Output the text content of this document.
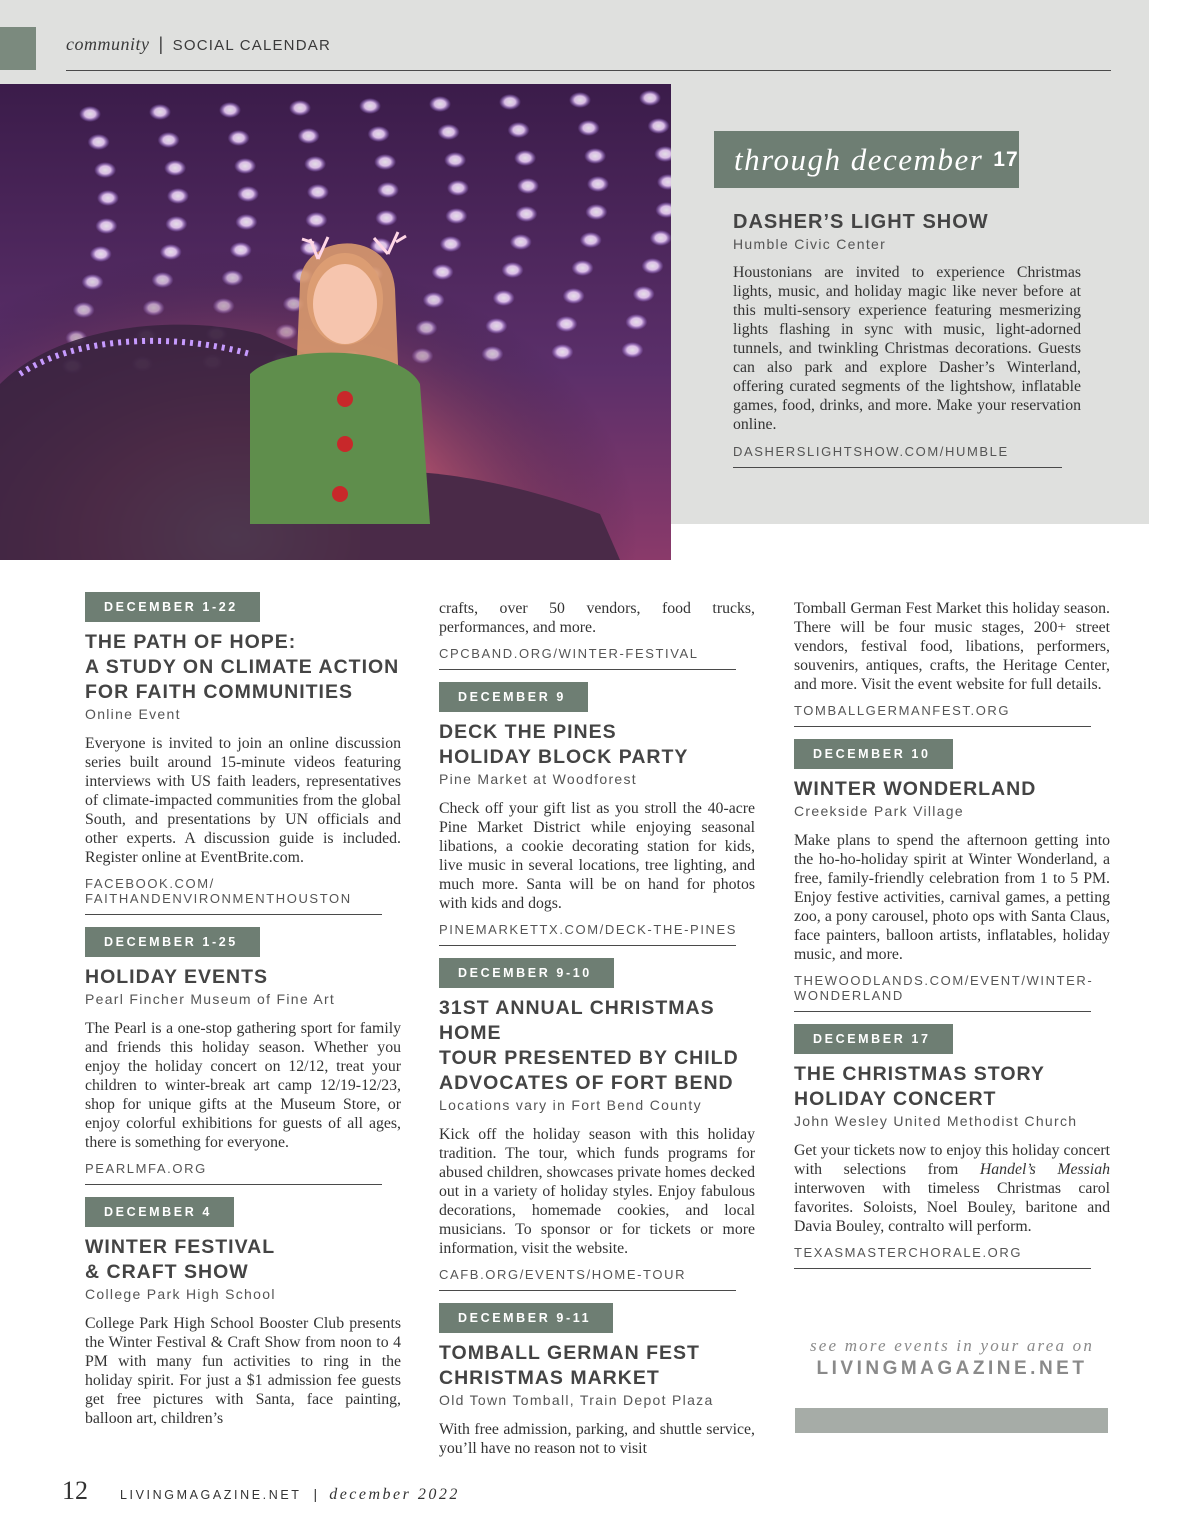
community | SOCIAL CALENDAR
through december 17
DASHER’S LIGHT SHOW
Humble Civic Center
Houstonians are invited to experience Christmas lights, music, and holiday magic like never before at this multi-sensory experience featuring mesmerizing lights flashing in sync with music, light-adorned tunnels, and twinkling Christmas decorations. Guests can also park and explore Dasher’s Winterland, offering curated segments of the lightshow, inflatable games, food, drinks, and more. Make your reservation online.
DASHERSLIGHTSHOW.COM/HUMBLE
DECEMBER 1-22
THE PATH OF HOPE:
A STUDY ON CLIMATE ACTION
FOR FAITH COMMUNITIES
Online Event
Everyone is invited to join an online discussion series built around 15-minute videos featuring interviews with US faith leaders, representatives of climate-impacted communities from the global South, and presentations by UN officials and other experts. A discussion guide is included. Register online at EventBrite.com.
FACEBOOK.COM/
FAITHANDENVIRONMENTHOUSTON
DECEMBER 1-25
HOLIDAY EVENTS
Pearl Fincher Museum of Fine Art
The Pearl is a one-stop gathering sport for family and friends this holiday season. Whether you enjoy the holiday concert on 12/12, treat your children to winter-break art camp 12/19-12/23, shop for unique gifts at the Museum Store, or enjoy colorful exhibitions for guests of all ages, there is something for everyone.
PEARLMFA.ORG
DECEMBER 4
WINTER FESTIVAL
& CRAFT SHOW
College Park High School
College Park High School Booster Club presents the Winter Festival & Craft Show from noon to 4 PM with many fun activities to ring in the holiday spirit. For just a $1 admission fee guests get free pictures with Santa, face painting, balloon art, children’s
crafts, over 50 vendors, food trucks, performances, and more.
CPCBAND.ORG/WINTER-FESTIVAL
DECEMBER 9
DECK THE PINES
HOLIDAY BLOCK PARTY
Pine Market at Woodforest
Check off your gift list as you stroll the 40-acre Pine Market District while enjoying seasonal libations, a cookie decorating station for kids, live music in several locations, tree lighting, and much more. Santa will be on hand for photos with kids and dogs.
PINEMARKETTX.COM/DECK-THE-PINES
DECEMBER 9-10
31ST ANNUAL CHRISTMAS HOME
TOUR PRESENTED BY CHILD
ADVOCATES OF FORT BEND
Locations vary in Fort Bend County
Kick off the holiday season with this holiday tradition. The tour, which funds programs for abused children, showcases private homes decked out in a variety of holiday styles. Enjoy fabulous decorations, homemade cookies, and local musicians. To sponsor or for tickets or more information, visit the website.
CAFB.ORG/EVENTS/HOME-TOUR
DECEMBER 9-11
TOMBALL GERMAN FEST
CHRISTMAS MARKET
Old Town Tomball, Train Depot Plaza
With free admission, parking, and shuttle service, you’ll have no reason not to visit
Tomball German Fest Market this holiday season. There will be four music stages, 200+ street vendors, festival food, libations, performers, souvenirs, antiques, crafts, the Heritage Center, and more. Visit the event website for full details.
TOMBALLGERMANFEST.ORG
DECEMBER 10
WINTER WONDERLAND
Creekside Park Village
Make plans to spend the afternoon getting into the ho-ho-holiday spirit at Winter Wonderland, a free, family-friendly celebration from 1 to 5 PM. Enjoy festive activities, carnival games, a petting zoo, a pony carousel, photo ops with Santa Claus, face painters, balloon artists, inflatables, holiday music, and more.
THEWOODLANDS.COM/EVENT/WINTER-
WONDERLAND
DECEMBER 17
THE CHRISTMAS STORY
HOLIDAY CONCERT
John Wesley United Methodist Church
Get your tickets now to enjoy this holiday concert with selections from Handel’s Messiah interwoven with timeless Christmas carol favorites. Soloists, Noel Bouley, baritone and Davia Bouley, contralto will perform.
TEXASMASTERCHORALE.ORG
see more events in your area on
LIVINGMAGAZINE.NET
12	LIVINGMAGAZINE.NET | december 2022
